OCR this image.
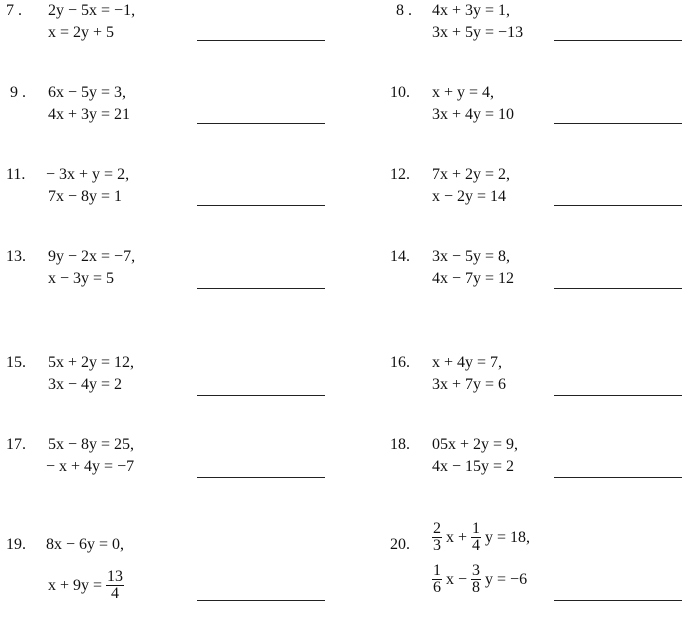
7 . 2y − 5x = −1,
x = 2y + 5
8 . 4x + 3y = 1,
3x + 5y = −13
9 . 6x − 5y = 3,
4x + 3y = 21
10. x + y = 4,
3x + 4y = 10
11. − 3x + y = 2,
7x − 8y = 1
12. 7x + 2y = 2,
x − 2y = 14
13. 9y − 2x = −7,
x − 3y = 5
14. 3x − 5y = 8,
4x − 7y = 12
15. 5x + 2y = 12,
3x − 4y = 2
16. x + 4y = 7,
3x + 7y = 6
17. 5x − 8y = 25,
− x + 4y = −7
18. 05x + 2y = 9,
4x − 15y = 2
19. 8x − 6y = 0,
$x + 9y = \frac{13}{4}$
20. $\frac{2}{3}$ $x + \frac{1}{4}$ y = 18,
$\frac{1}{6}$ $x - \frac{3}{8}$ y = −6
